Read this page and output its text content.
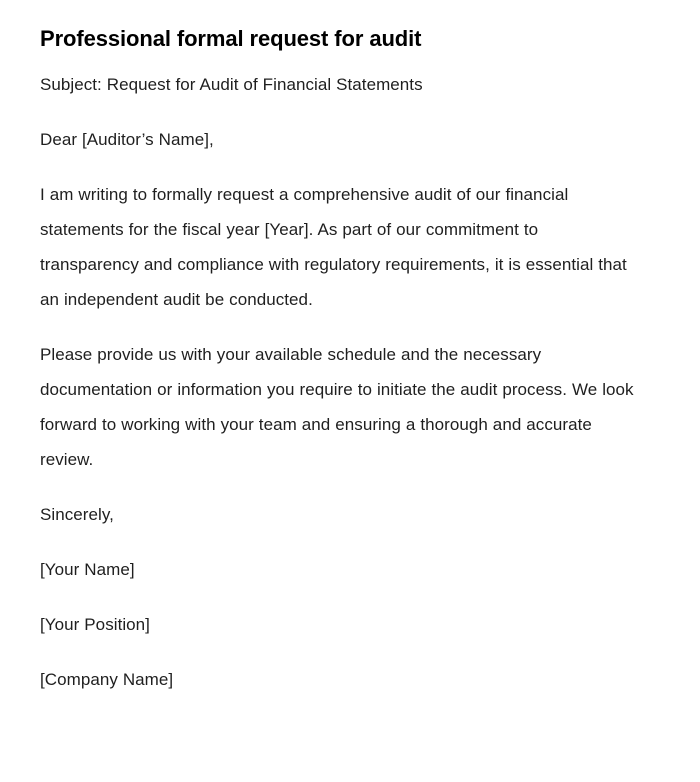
Professional formal request for audit

Subject: Request for Audit of Financial Statements

Dear [Auditor’s Name],

I am writing to formally request a comprehensive audit of our financial statements for the fiscal year [Year]. As part of our commitment to transparency and compliance with regulatory requirements, it is essential that an independent audit be conducted.

Please provide us with your available schedule and the necessary documentation or information you require to initiate the audit process. We look forward to working with your team and ensuring a thorough and accurate review.

Sincerely,

[Your Name]

[Your Position]

[Company Name]
